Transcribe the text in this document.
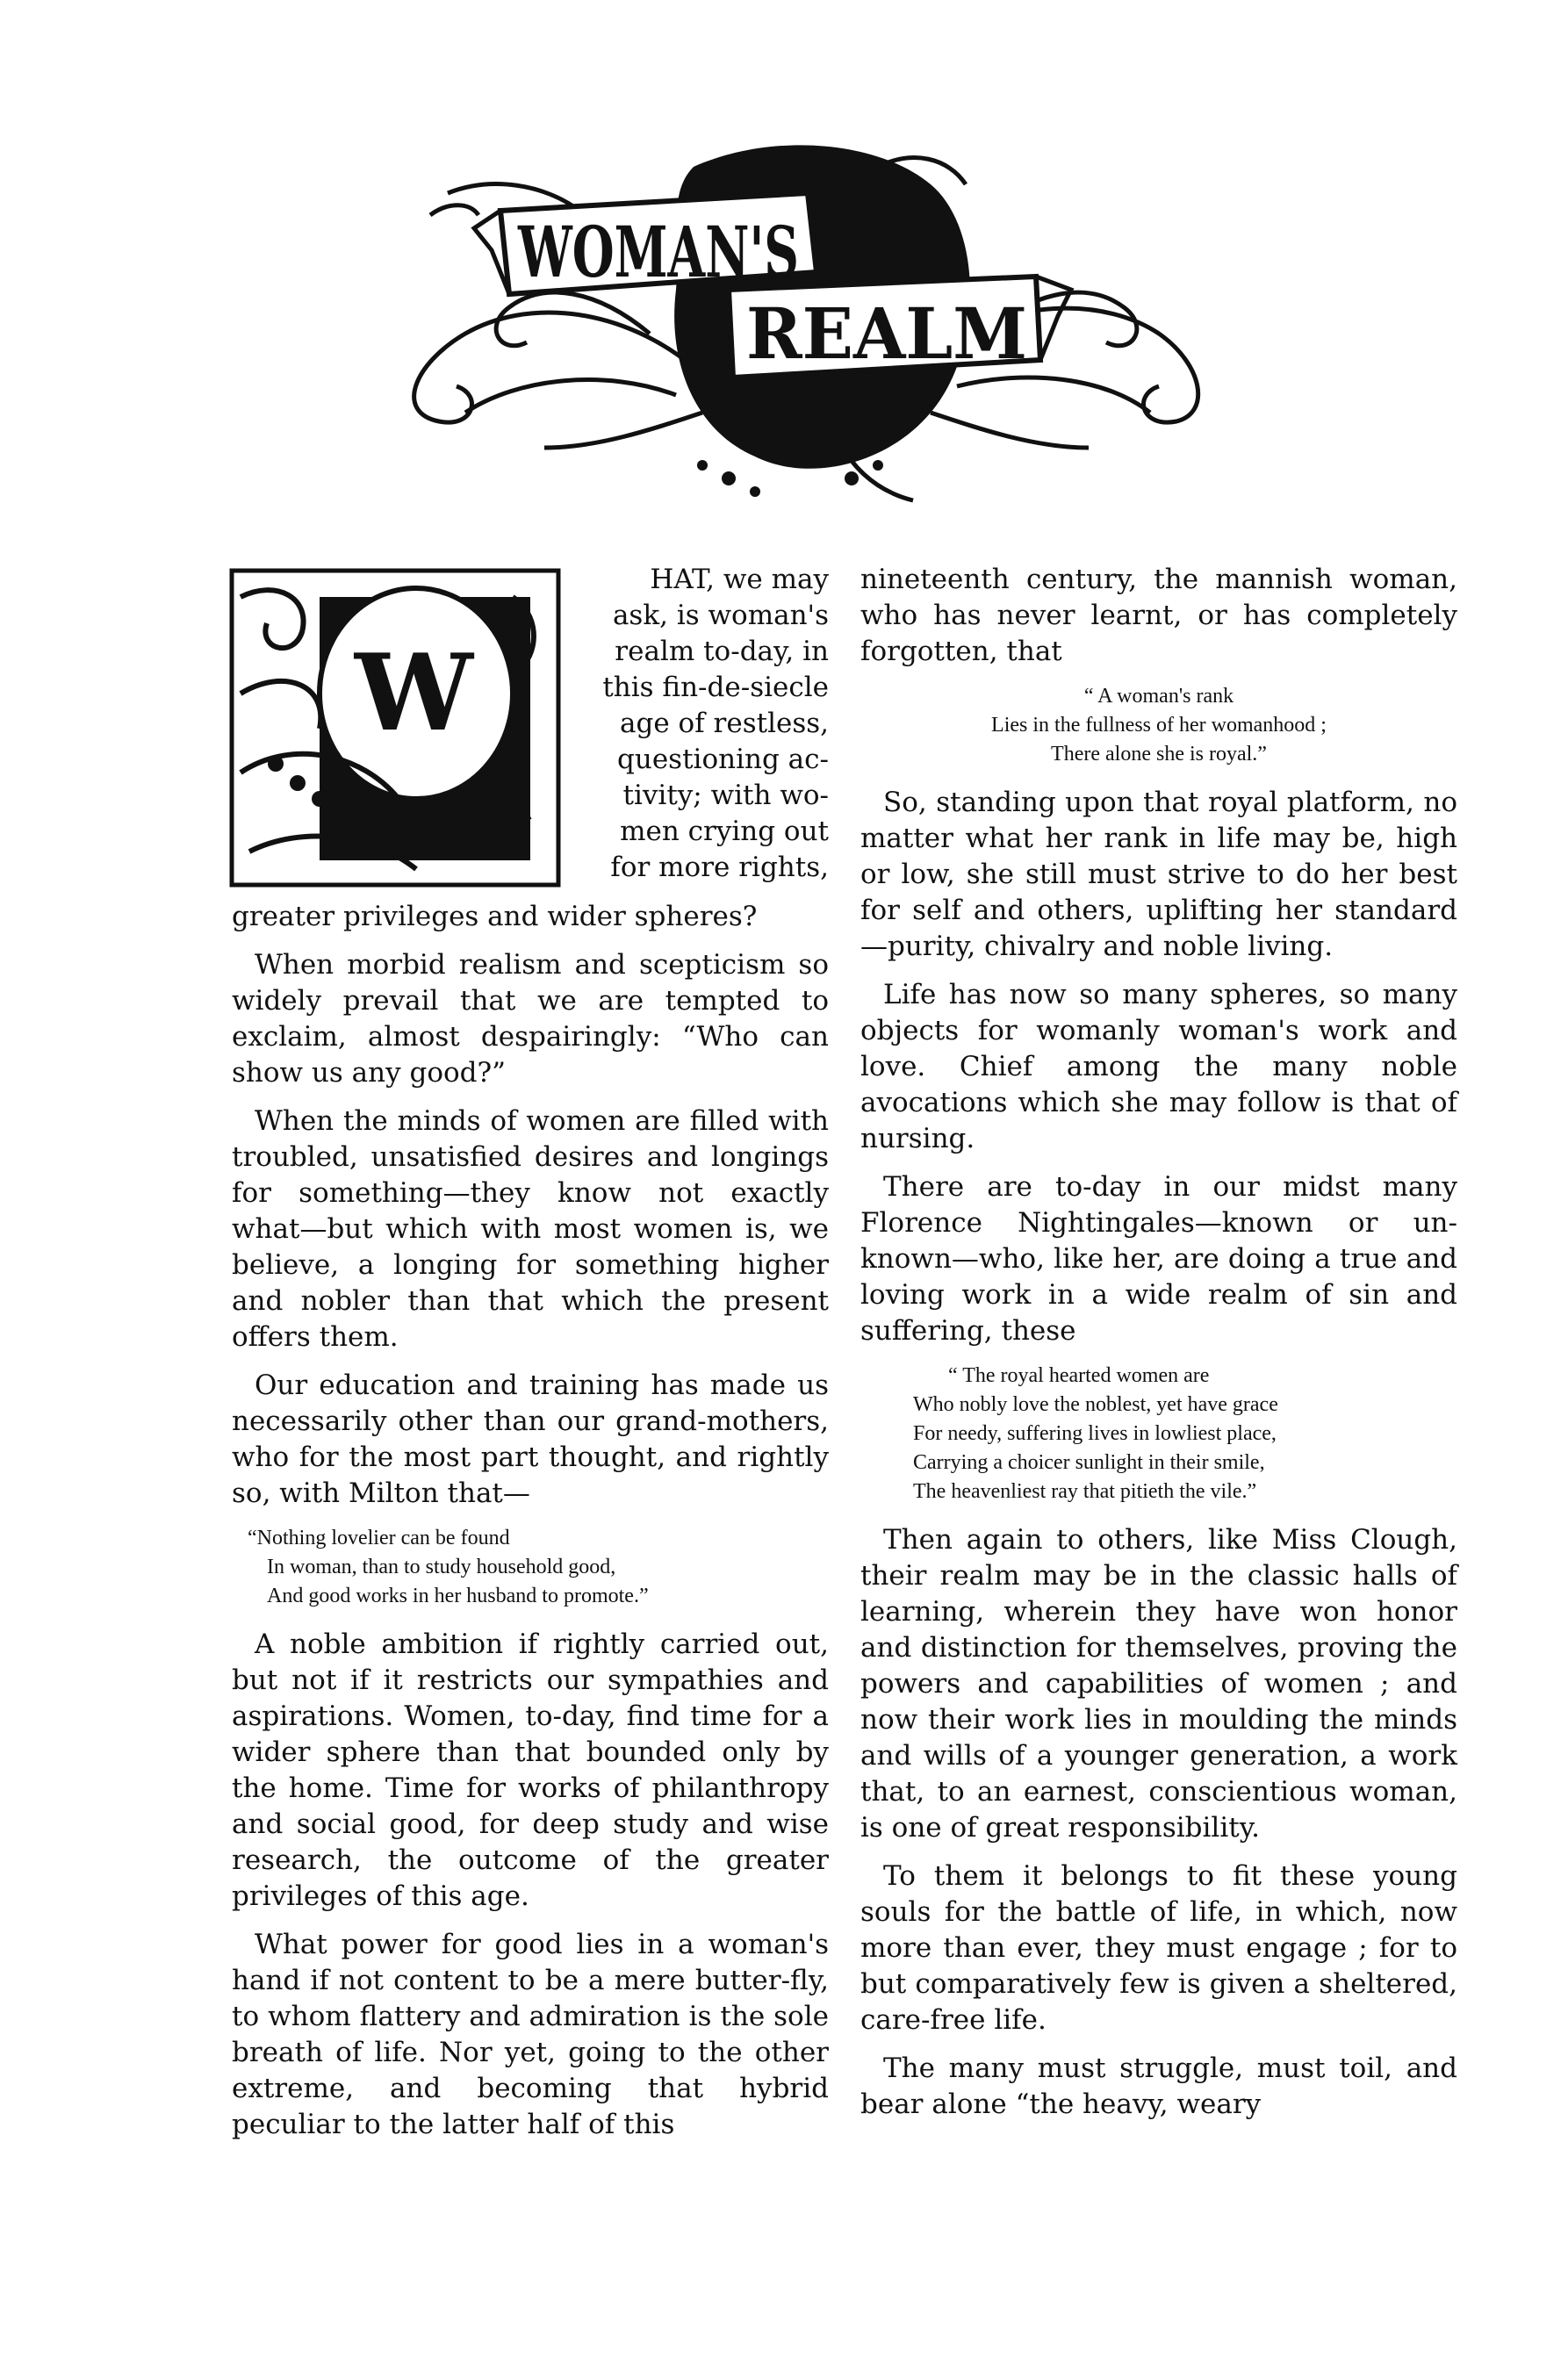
WOMAN'S
REALM
W
HAT, we may
ask, is woman's
realm to-day, in
this fin-de-siecle
age of restless,
questioning ac-
tivity; with wo-
men crying out
for more rights,

greater privileges and wider spheres?

When morbid realism and scepticism so widely prevail that we are tempted to exclaim, almost despairingly: “Who can show us any good?”

When the minds of women are filled with troubled, unsatisfied desires and longings for something—they know not exactly what—but which with most women is, we believe, a longing for something higher and nobler than that which the present offers them.

Our education and training has made us necessarily other than our grand-mothers, who for the most part thought, and rightly so, with Milton that—

“Nothing lovelier can be found
In woman, than to study household good,
And good works in her husband to promote.”

A noble ambition if rightly carried out, but not if it restricts our sympathies and aspirations. Women, to-day, find time for a wider sphere than that bounded only by the home. Time for works of philanthropy and social good, for deep study and wise research, the outcome of the greater privileges of this age.

What power for good lies in a woman's hand if not content to be a mere butter-fly, to whom flattery and admiration is the sole breath of life. Nor yet, going to the other extreme, and becoming that hybrid peculiar to the latter half of this

nineteenth century, the mannish woman, who has never learnt, or has completely forgotten, that

“ A woman's rank
Lies in the fullness of her womanhood ;
There alone she is royal.”

So, standing upon that royal platform, no matter what her rank in life may be, high or low, she still must strive to do her best for self and others, uplifting her standard—purity, chivalry and noble living.

Life has now so many spheres, so many objects for womanly woman's work and love. Chief among the many noble avocations which she may follow is that of nursing.

There are to-day in our midst many Florence Nightingales—known or un-known—who, like her, are doing a true and loving work in a wide realm of sin and suffering, these

“ The royal hearted women are
Who nobly love the noblest, yet have grace
For needy, suffering lives in lowliest place,
Carrying a choicer sunlight in their smile,
The heavenliest ray that pitieth the vile.”

Then again to others, like Miss Clough, their realm may be in the classic halls of learning, wherein they have won honor and distinction for themselves, proving the powers and capabilities of women ; and now their work lies in moulding the minds and wills of a younger generation, a work that, to an earnest, conscientious woman, is one of great responsibility.

To them it belongs to fit these young souls for the battle of life, in which, now more than ever, they must engage ; for to but comparatively few is given a sheltered, care-free life.

The many must struggle, must toil, and bear alone “the heavy, weary
